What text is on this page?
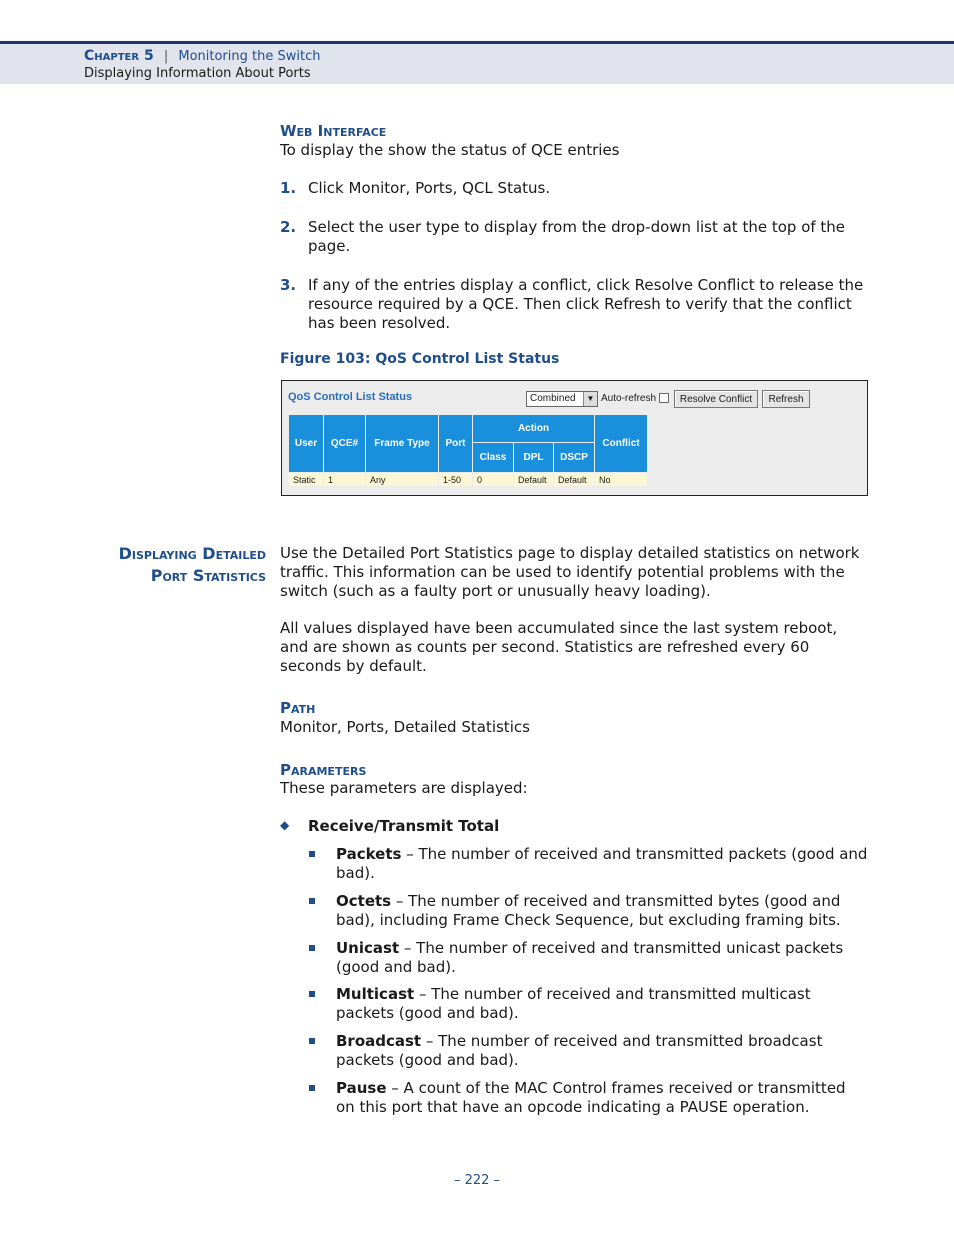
Chapter 5 | Monitoring the Switch
Displaying Information About Ports
Web Interface
To display the show the status of QCE entries
1. Click Monitor, Ports, QCL Status.
2. Select the user type to display from the drop-down list at the top of the page.
3. If any of the entries display a conflict, click Resolve Conflict to release the resource required by a QCE. Then click Refresh to verify that the conflict has been resolved.
Figure 103: QoS Control List Status
QoS Control List Status	Combined	▼ Auto-refresh	Resolve Conflict	Refresh
User	QCE#	Frame Type	Port	Action			Conflict
				Class	DPL	DSCP	
Static	1	Any	1-50	0	Default	Default	No
Displaying Detailed
Port Statistics
Use the Detailed Port Statistics page to display detailed statistics on network traffic. This information can be used to identify potential problems with the switch (such as a faulty port or unusually heavy loading).
All values displayed have been accumulated since the last system reboot, and are shown as counts per second. Statistics are refreshed every 60 seconds by default.
Path
Monitor, Ports, Detailed Statistics
Parameters
These parameters are displayed:
◆ Receive/Transmit Total
Packets – The number of received and transmitted packets (good and bad).
Octets – The number of received and transmitted bytes (good and bad), including Frame Check Sequence, but excluding framing bits.
Unicast – The number of received and transmitted unicast packets (good and bad).
Multicast – The number of received and transmitted multicast packets (good and bad).
Broadcast – The number of received and transmitted broadcast packets (good and bad).
Pause – A count of the MAC Control frames received or transmitted on this port that have an opcode indicating a PAUSE operation.
– 222 –
